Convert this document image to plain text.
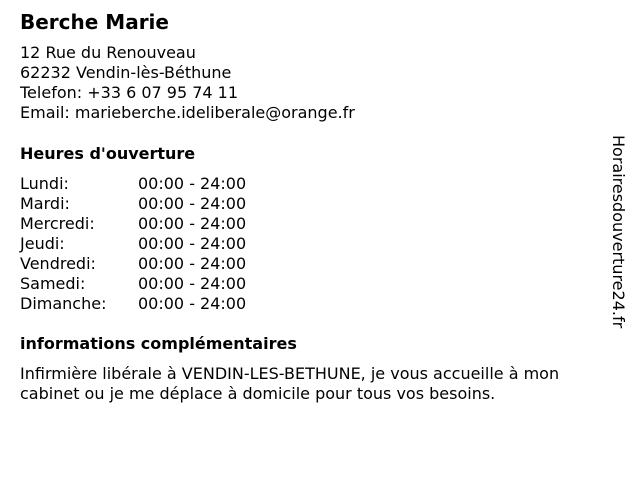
Berche Marie
12 Rue du Renouveau
62232 Vendin-lès-Béthune
Telefon: +33 6 07 95 74 11
Email: marieberche.ideliberale@orange.fr
Heures d'ouverture
Lundi:	00:00 - 24:00
Mardi:	00:00 - 24:00
Mercredi:	00:00 - 24:00
Jeudi:	00:00 - 24:00
Vendredi:	00:00 - 24:00
Samedi:	00:00 - 24:00
Dimanche: 00:00 - 24:00
informations complémentaires
Infirmière libérale à VENDIN-LES-BETHUNE, je vous accueille à mon cabinet ou je me déplace à domicile pour tous vos besoins.
Horairesdouverture24.fr
